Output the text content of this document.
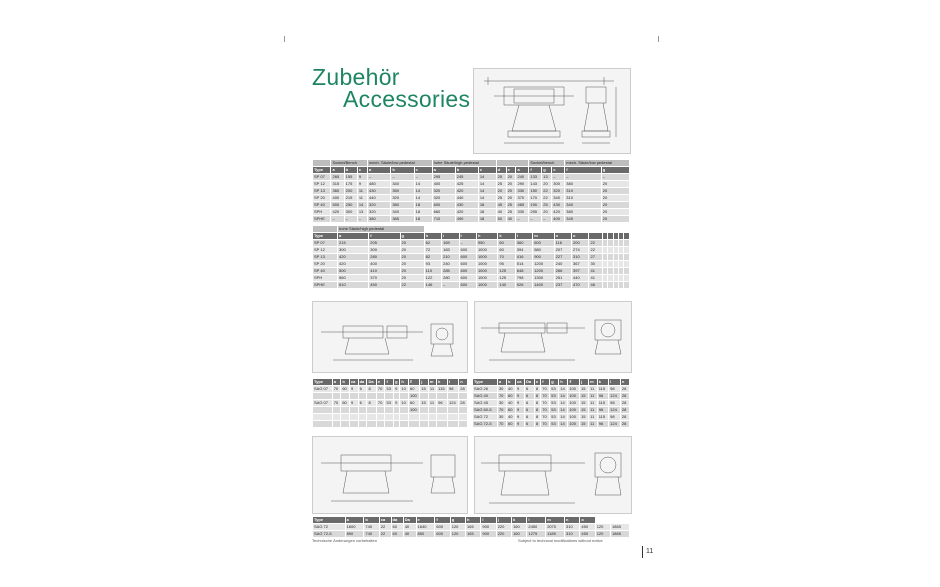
Zubehör
Accessories
	Sockel/Bench			mech. Säule/low pedestal			hohe Säule/high pedestal						Sockel/bench			mech. Säule/low pedestal	
Type	a	b	c	a	b	c	a	b	c	d	e	a	f	g	c	f	g
SP 07	265	155	9	–	–	–	295	245	14	25	20	240	133	13	–	–	–
SP 12	315	175	9	480	340	14	400	425	14	25	20	290	143	20	300	380	20
SP 13	360	200	11	430	350	14	320	420	14	20	20	330	150	22	320	310	20
SP 20	400	215	11	440	320	14	320	440	14	25	20	370	170	22	340	310	20
SP 40	500	250	14	320	380	18	600	430	18	45	25	465	190	25	430	340	20
SPH	420	300	13	320	340	18	660	420	18	40	25	330	255	20	420	380	20
SPHE	–	–	–	380	385	18	710	490	18	50	40	–	–	–	400	345	20
	hohe Säule/high pedestal																	
Type	a	f	g	h	i	ł	h	k	l	m	n	o						
SP 07	215	205	20	62	169	–	950	60	360	600	116	200	22					
SP 12	300	300	20	72	183	600	1000	60	394	580	207	274	22					
SP 13	420	280	20	82	210	600	1000	70	416	900	227	310	27					
SP 20	420	400	20	93	240	600	1000	95	514	1200	240	367	30					
SP 40	500	410	20	110	285	600	1000	125	648	1200	266	397	41					
SPH	560	370	20	122	280	600	1000	125	798	1300	251	440	41					
SPHE	610	450	22	146	–	600	1000	140	926	1400	237	470	46					
Type	a	b	ca	da	Da	e	f	g	h	ℓ	j	m	k	l	n
SAG 07	70	60	9	6	8	70	53	9	10	60	15	11	115	98	28
										100					
SAG 07	70	60	9	6	8	70	53	9	10	60	15	11	96	124	28
										100					

Type	a	b	ca	Da	e	f	g	h	ℓ	j	m	k	l	n
SAG 26	30	40	9	6	8	70	53	14	100	15	11	115	98	28
SAG 40	70	60	9	6	8	70	53	14	100	15	11	96	124	28
SAG 45	30	40	9	6	8	70	53	14	100	15	11	115	98	28
SAG 60-5	70	60	9	6	8	70	53	14	100	15	11	96	124	28
SAG 72	30	40	9	6	8	70	53	14	100	15	11	115	98	28
SAG 72-5	70	60	9	6	8	70	53	14	100	15	11	96	124	28
Type	a	b	ca	da	Da	e	f	g	h	i	j	k	l	m	n	o		
SAG 72	1600	740	22	60	40	1640	600	120	165	900	220	160	2450	2070	310	450	120	1865
SAG 72-5	890	740	22	60	40	850	600	120	165	900	220	160	1275	1185	310	450	120	1865
Technische Änderungen vorbehalten	Subject to technical modifications without notice
11
